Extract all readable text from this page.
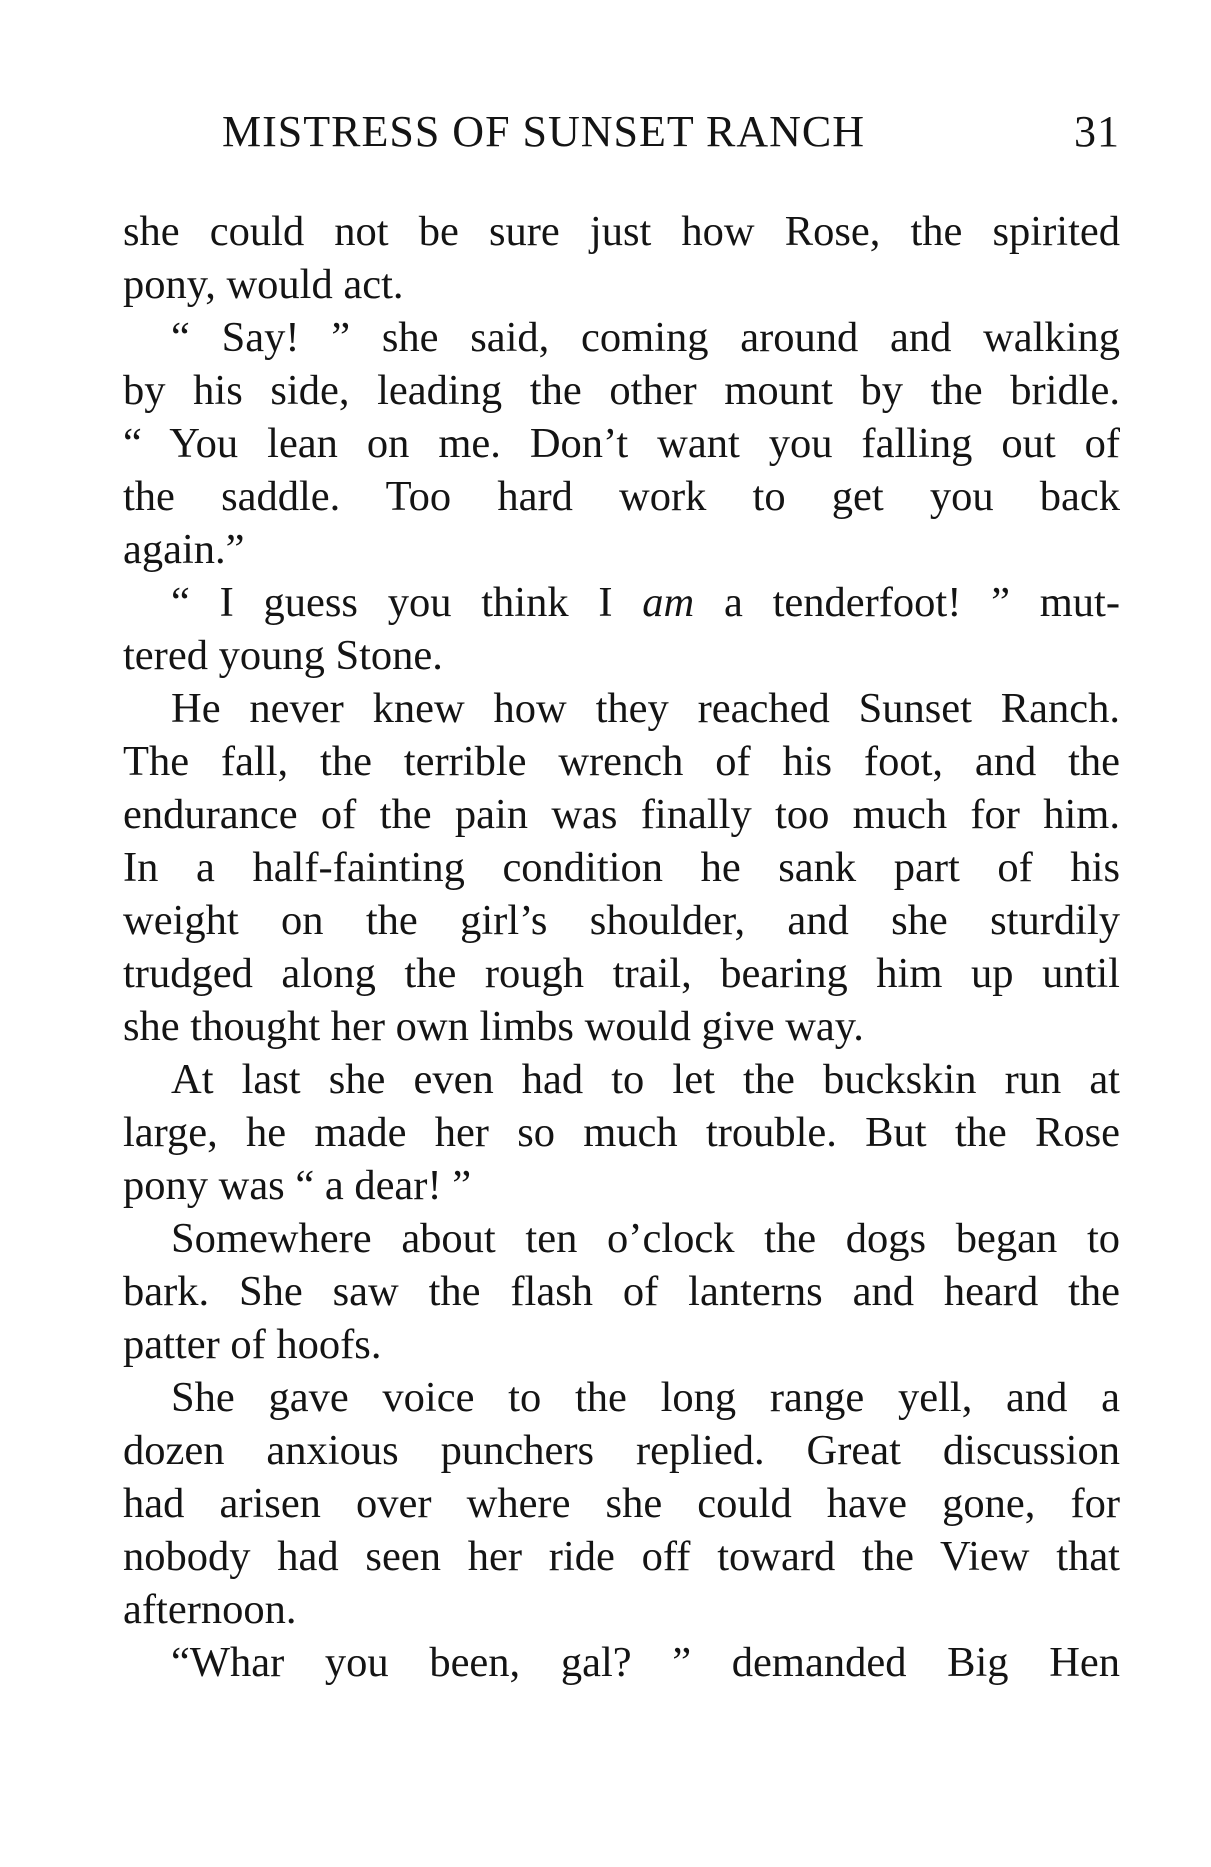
MISTRESS OF SUNSET RANCH	31
she could not be sure just how Rose, the spirited
pony, would act.
“ Say! ” she said, coming around and walking
by his side, leading the other mount by the bridle.
“ You lean on me. Don’t want you falling out of
the saddle. Too hard work to get you back
again.”
“ I guess you think I am a tenderfoot! ” mut-
tered young Stone.
He never knew how they reached Sunset Ranch.
The fall, the terrible wrench of his foot, and the
endurance of the pain was finally too much for him.
In a half-fainting condition he sank part of his
weight on the girl’s shoulder, and she sturdily
trudged along the rough trail, bearing him up until
she thought her own limbs would give way.
At last she even had to let the buckskin run at
large, he made her so much trouble. But the Rose
pony was “ a dear! ”
Somewhere about ten o’clock the dogs began to
bark. She saw the flash of lanterns and heard the
patter of hoofs.
She gave voice to the long range yell, and a
dozen anxious punchers replied. Great discussion
had arisen over where she could have gone, for
nobody had seen her ride off toward the View that
afternoon.
“Whar you been, gal? ” demanded Big Hen
